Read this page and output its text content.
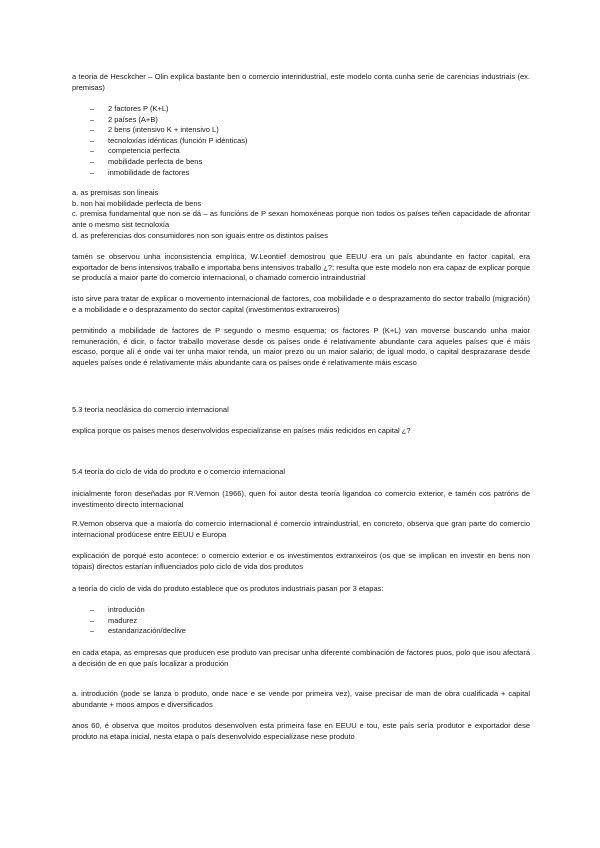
a teoria de Hesckcher – Olin explica bastante ben o comercio interindustrial, este modelo conta cunha serie de carencias industriais (ex. premisas)

– 2 factores P (K+L)
– 2 países (A+B)
– 2 bens (intensivo K + intensivo L)
– tecnoloxías idénticas (función P idénticas)
– competencia perfecta
– mobilidade perfecta de bens
– inmobilidade de factores

a. as premisas son lineais

b. non hai mobilidade perfecta de bens

c. premisa fundamental que non se dá – as funcións de P sexan homoxéneas porque non todos os países teñen capacidade de afrontar ante o mesmo sist tecnoloxía

d. as preferencias dos consumidores non son iguais entre os distintos países

tamén se observou unha inconsistencia empírica, W.Leontief demostrou que EEUU era un país abundante en factor capital, era exportador de bens intensivos traballo e importaba bens intensivos traballo ¿?; resulta que este modelo non era capaz de explicar porque se producía a maior parte do comercio internacional, o chamado comercio intraindustrial

isto sirve para tratar de explicar o movemento internacional de factores, coa mobilidade e o desprazamento do sector traballo (migración) e a mobilidade e o desprazamento do sector capital (investimentos extranxeiros)

permitindo a mobilidade de factores de P segundo o mesmo esquema; os factores P (K+L) van moverse buscando unha maior remuneración, é dicir, o factor traballo moverase desde os países onde é relativamente abundante cara aqueles países que é máis escaso, porque alí é onde vai ter unha maior renda, un maior prezo ou un maior salario; de igual modo, o capital desprazarase desde aqueles países onde é relativamente máis abundante cara os países onde é relativamente máis escaso

5.3 teoría neoclásica do comercio internacional

explica porque os países menos desenvolvidos especialízanse en países máis redicidos en capital ¿?

5.4 teoría do ciclo de vida do produto e o comercio internacional

inicialmente foron deseñadas por R.Vernon (1966), quen foi autor desta teoría ligandoa co comercio exterior, e tamén cos patróns de investimento directo internacional

R.Vernon observa que a maioría do comercio internacional é comercio intraindustrial, en concreto, observa que gran parte do comercio internacional prodúcese entre EEUU e Europa

explicación de porqué esto acontece: o comercio exterior e os investimentos extranxeiros (os que se implican en investir en bens non tópais) directos estarían influenciados polo ciclo de vida dos produtos

a teoría do ciclo de vida do produto establece que os produtos industriais pasan por 3 etapas:

– introdución
– madurez
– estandarización/declive

en cada etapa, as empresas que producen ese produto van precisar unha diferente combinación de factores puos, polo que isou afectará a decisión de en que país localizar a produción

a. introdución (pode se lanza o produto, onde nace e se vende por primeira vez), vaise precisar de man de obra cualificada + capital abundante + moos ampos e diversificados

anos 60, é observa que moitos produtos desenvolven esta primeira fase en EEUU e tou, este país sería produtor e exportador dese produto na etapa inicial, nesta etapa o país desenvolvido especialízase nese produto
